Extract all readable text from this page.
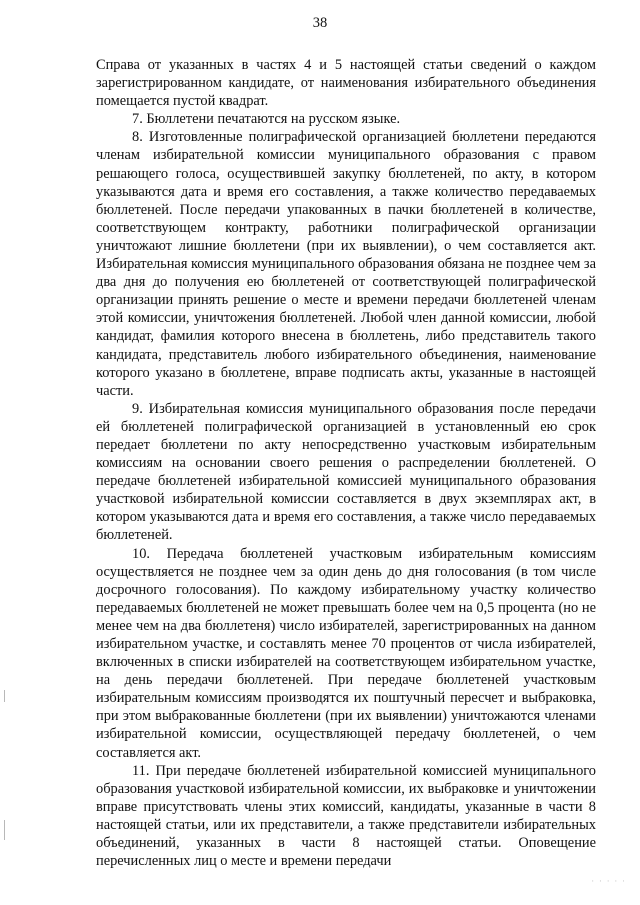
38

Справа от указанных в частях 4 и 5 настоящей статьи сведений о каждом зарегистрированном кандидате, от наименования избирательного объединения помещается пустой квадрат.

7. Бюллетени печатаются на русском языке.

8. Изготовленные полиграфической организацией бюллетени передаются членам избирательной комиссии муниципального образования с правом решающего голоса, осуществившей закупку бюллетеней, по акту, в котором указываются дата и время его составления, а также количество передаваемых бюллетеней. После передачи упакованных в пачки бюллетеней в количестве, соответствующем контракту, работники полиграфической организации уничтожают лишние бюллетени (при их выявлении), о чем составляется акт. Избирательная комиссия муниципального образования обязана не позднее чем за два дня до получения ею бюллетеней от соответствующей полиграфической организации принять решение о месте и времени передачи бюллетеней членам этой комиссии, уничтожения бюллетеней. Любой член данной комиссии, любой кандидат, фамилия которого внесена в бюллетень, либо представитель такого кандидата, представитель любого избирательного объединения, наименование которого указано в бюллетене, вправе подписать акты, указанные в настоящей части.

9. Избирательная комиссия муниципального образования после передачи ей бюллетеней полиграфической организацией в установленный ею срок передает бюллетени по акту непосредственно участковым избирательным комиссиям на основании своего решения о распределении бюллетеней. О передаче бюллетеней избирательной комиссией муниципального образования участковой избирательной комиссии составляется в двух экземплярах акт, в котором указываются дата и время его составления, а также число передаваемых бюллетеней.

10. Передача бюллетеней участковым избирательным комиссиям осуществляется не позднее чем за один день до дня голосования (в том числе досрочного голосования). По каждому избирательному участку количество передаваемых бюллетеней не может превышать более чем на 0,5 процента (но не менее чем на два бюллетеня) число избирателей, зарегистрированных на данном избирательном участке, и составлять менее 70 процентов от числа избирателей, включенных в списки избирателей на соответствующем избирательном участке, на день передачи бюллетеней. При передаче бюллетеней участковым избирательным комиссиям производятся их поштучный пересчет и выбраковка, при этом выбракованные бюллетени (при их выявлении) уничтожаются членами избирательной комиссии, осуществляющей передачу бюллетеней, о чем составляется акт.

11. При передаче бюллетеней избирательной комиссией муниципального образования участковой избирательной комиссии, их выбраковке и уничтожении вправе присутствовать члены этих комиссий, кандидаты, указанные в части 8 настоящей статьи, или их представители, а также представители избирательных объединений, указанных в части 8 настоящей статьи. Оповещение перечисленных лиц о месте и времени передачи

· · · · ·
